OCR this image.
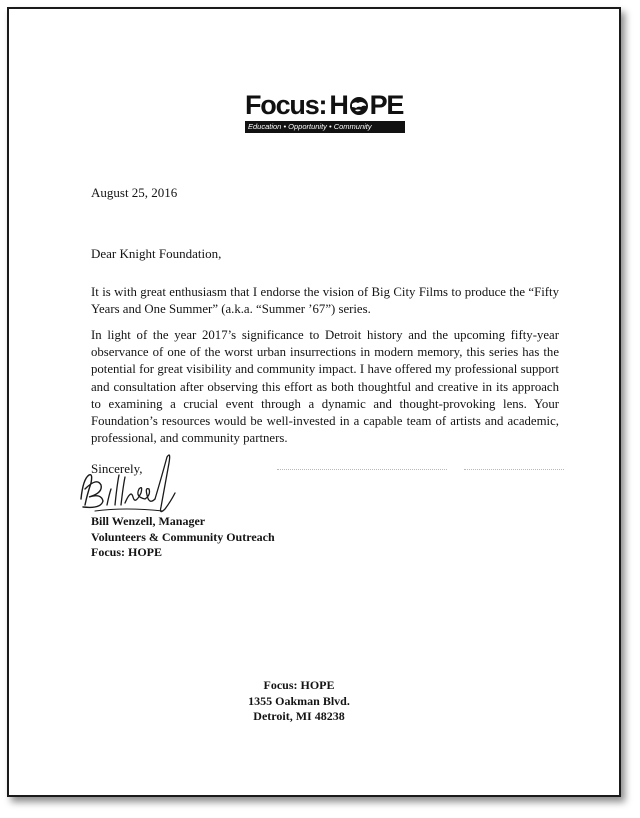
Focus: H PE
Education • Opportunity • Community
August 25, 2016
Dear Knight Foundation,
It is with great enthusiasm that I endorse the vision of Big City Films to produce the “Fifty Years and One Summer” (a.k.a. “Summer ’67”) series.
In light of the year 2017’s significance to Detroit history and the upcoming fifty-year observance of one of the worst urban insurrections in modern memory, this series has the potential for great visibility and community impact. I have offered my professional support and consultation after observing this effort as both thoughtful and creative in its approach to examining a crucial event through a dynamic and thought-provoking lens. Your Foundation’s resources would be well-invested in a capable team of artists and academic, professional, and community partners.
Sincerely,
Bill Wenzell, Manager
Volunteers & Community Outreach
Focus: HOPE
Focus: HOPE
1355 Oakman Blvd.
Detroit, MI 48238
